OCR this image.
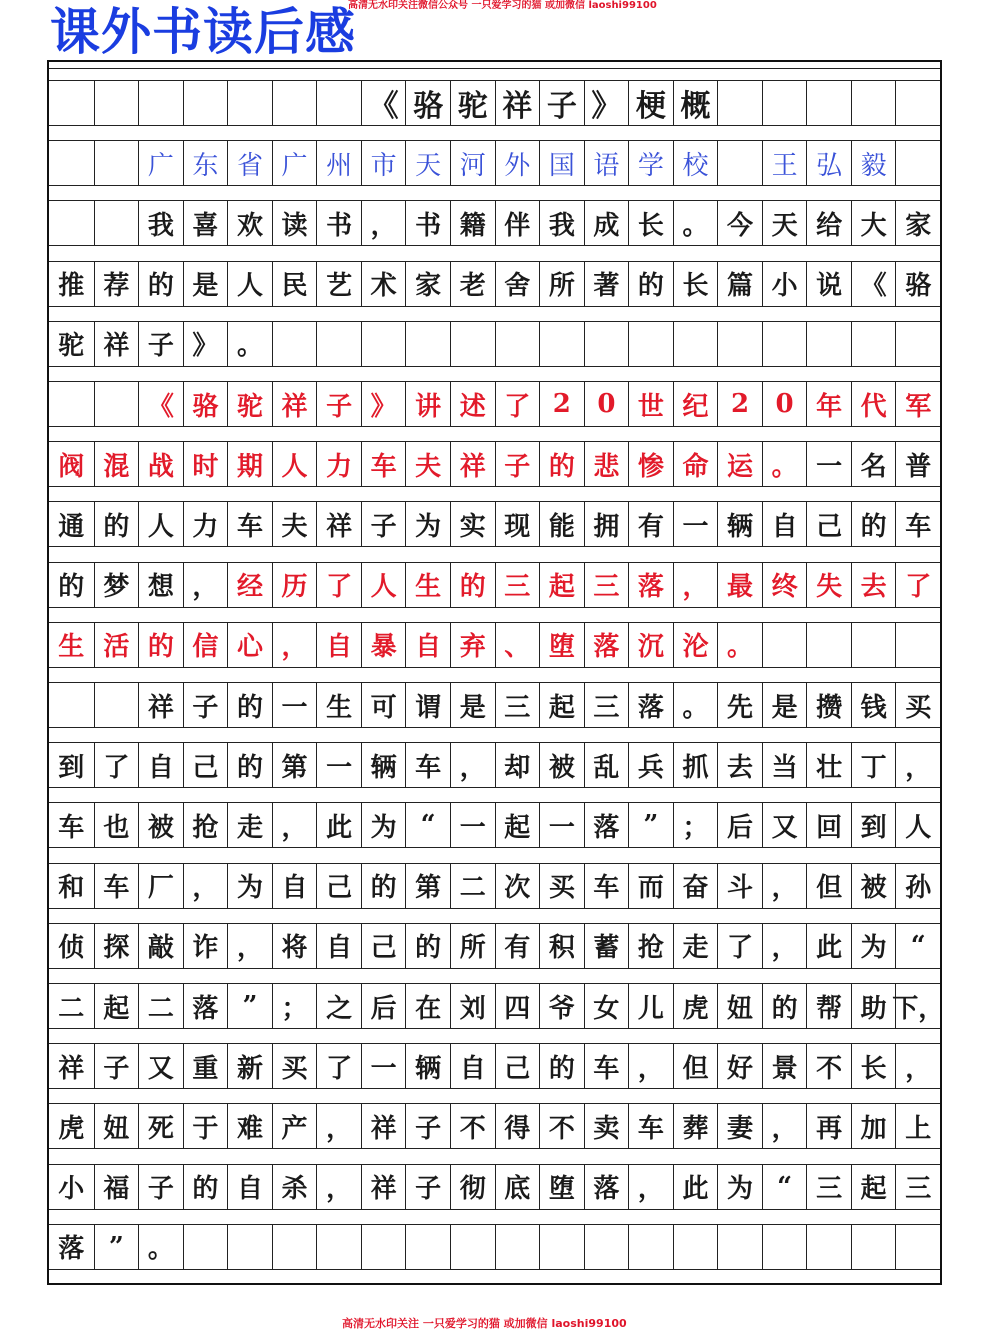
课外书读后感
高清无水印关注微信公众号 一只爱学习的猫 或加微信 laoshi99100
《 骆 驼 祥 子 》 梗 概
广 东 省 广 州 市 天 河 外 国 语 学 校	王 弘 毅
我 喜 欢 读 书 ， 书 籍 伴 我 成 长 。 今 天 给 大 家
推 荐 的 是 人 民 艺 术 家 老 舍 所 著 的 长 篇 小 说 《 骆
驼 祥 子 》 。
《 骆 驼 祥 子 》 讲 述 了 2	0 世 纪 2	0 年 代 军
阀 混 战 时 期 人 力 车 夫 祥 子 的 悲 惨 命 运 。 一 名 普
通 的 人 力 车 夫 祥 子 为 实 现 能 拥 有 一 辆 自 己 的 车
的 梦 想 ， 经 历 了 人 生 的 三 起 三 落 ， 最 终 失 去 了
生 活 的 信 心 ， 自 暴 自 弃 、 堕 落 沉 沦 。
祥 子 的 一 生 可 谓 是 三 起 三 落 。 先 是 攒 钱 买
到 了 自 己 的 第 一 辆 车 ， 却 被 乱 兵 抓 去 当 壮 丁 ，
车 也 被 抢 走 ， 此 为 “ 一 起 一 落 ” ； 后 又 回 到 人
和 车 厂 ， 为 自 己 的 第 二 次 买 车 而 奋 斗 ， 但 被 孙
侦 探 敲 诈 ， 将 自 己 的 所 有 积 蓄 抢 走 了 ， 此 为 “
二 起 二 落 ” ； 之 后 在 刘 四 爷 女 儿 虎 妞 的 帮 助 下，
祥 子 又 重 新 买 了 一 辆 自 己 的 车 ， 但 好 景 不 长 ，
虎 妞 死 于 难 产 ， 祥 子 不 得 不 卖 车 葬 妻 ， 再 加 上
小 福 子 的 自 杀 ， 祥 子 彻 底 堕 落 ， 此 为 “ 三 起 三
落 ” 。
高清无水印关注 一只爱学习的猫 或加微信 laoshi99100
